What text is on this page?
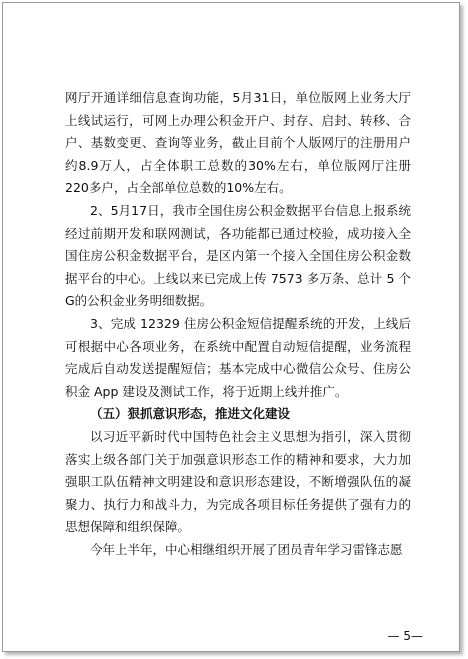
网厅开通详细信息查询功能，5月31日，单位版网上业务大厅上线试运行，可网上办理公积金开户、封存、启封、转移、合户、基数变更、查询等业务，截止目前个人版网厅的注册用户约8.9万人，占全体职工总数的30%左右，单位版网厅注册220多户，占全部单位总数的10%左右。

2、5月17日，我市全国住房公积金数据平台信息上报系统经过前期开发和联网测试，各功能都已通过校验，成功接入全国住房公积金数据平台，是区内第一个接入全国住房公积金数据平台的中心。上线以来已完成上传 7573 多万条、总计 5 个G的公积金业务明细数据。

3、完成 12329 住房公积金短信提醒系统的开发，上线后可根据中心各项业务，在系统中配置自动短信提醒，业务流程完成后自动发送提醒短信；基本完成中心微信公众号、住房公积金 App 建设及测试工作，将于近期上线并推广。

（五）狠抓意识形态，推进文化建设

以习近平新时代中国特色社会主义思想为指引，深入贯彻落实上级各部门关于加强意识形态工作的精神和要求，大力加强职工队伍精神文明建设和意识形态建设，不断增强队伍的凝聚力、执行力和战斗力，为完成各项目标任务提供了强有力的思想保障和组织保障。

今年上半年，中心相继组织开展了团员青年学习雷锋志愿

— 5—
